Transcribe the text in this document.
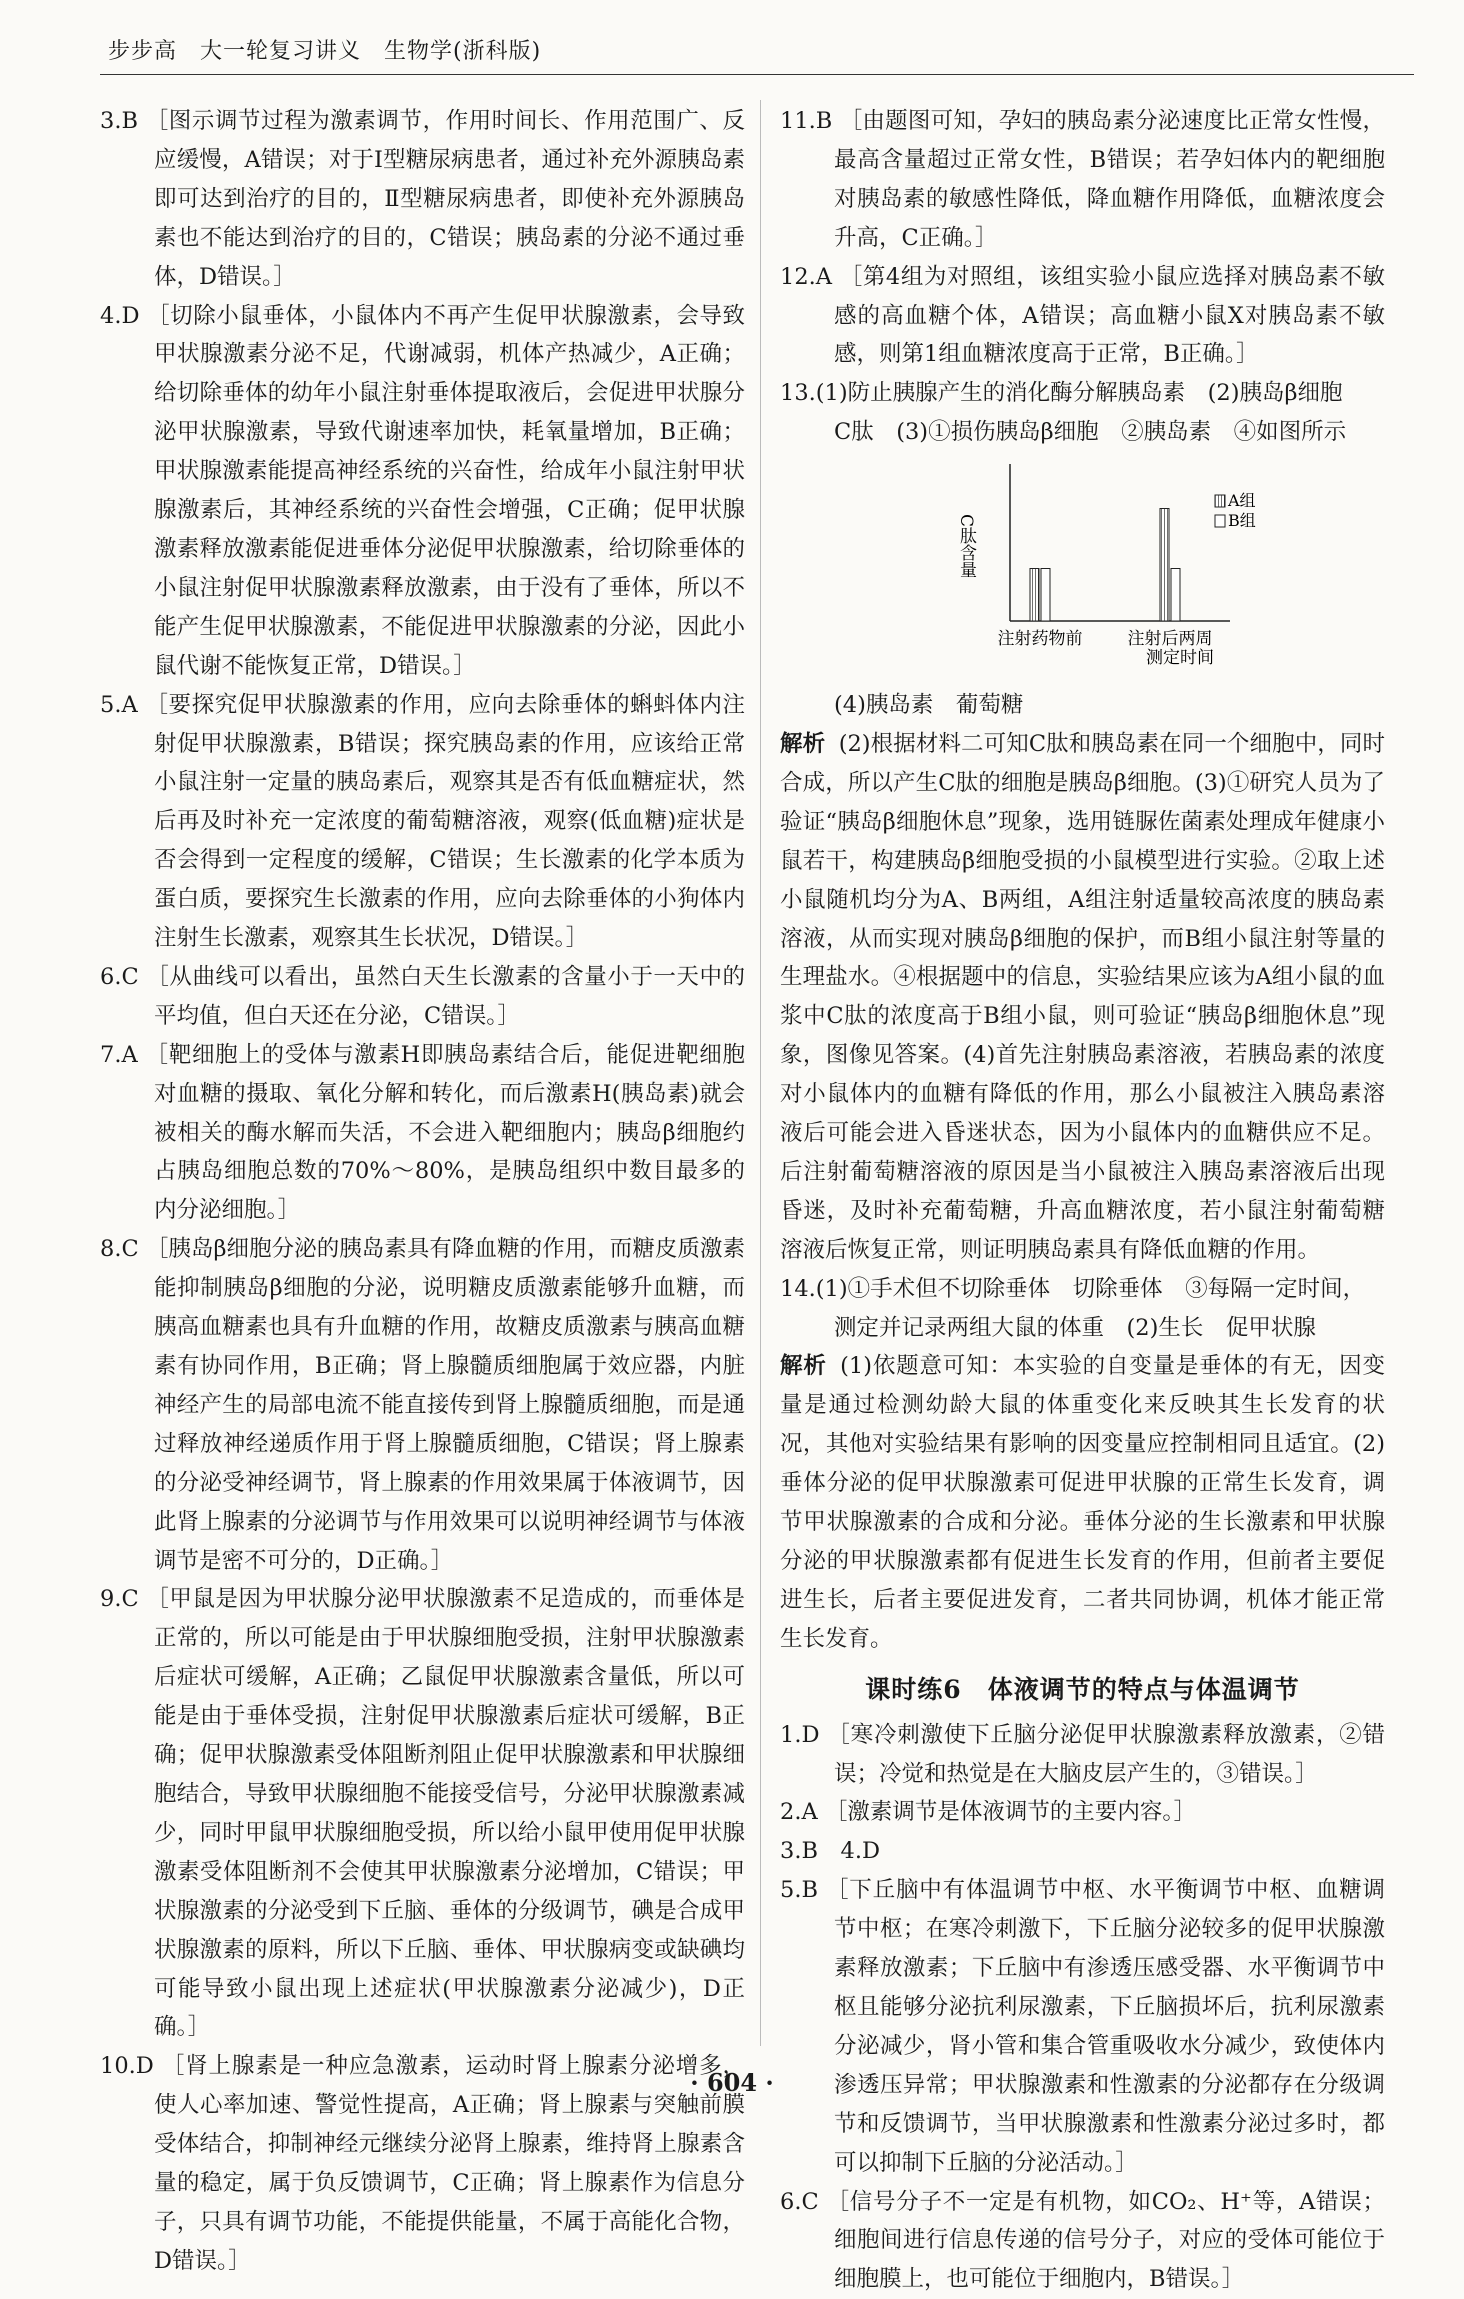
步步高　大一轮复习讲义　生物学(浙科版)

3.B ［图示调节过程为激素调节，作用时间长、作用范围广、反应缓慢，A错误；对于Ⅰ型糖尿病患者，通过补充外源胰岛素即可达到治疗的目的，Ⅱ型糖尿病患者，即使补充外源胰岛素也不能达到治疗的目的，C错误；胰岛素的分泌不通过垂体，D错误。］

4.D ［切除小鼠垂体，小鼠体内不再产生促甲状腺激素，会导致甲状腺激素分泌不足，代谢减弱，机体产热减少，A正确；给切除垂体的幼年小鼠注射垂体提取液后，会促进甲状腺分泌甲状腺激素，导致代谢速率加快，耗氧量增加，B正确；甲状腺激素能提高神经系统的兴奋性，给成年小鼠注射甲状腺激素后，其神经系统的兴奋性会增强，C正确；促甲状腺激素释放激素能促进垂体分泌促甲状腺激素，给切除垂体的小鼠注射促甲状腺激素释放激素，由于没有了垂体，所以不能产生促甲状腺激素，不能促进甲状腺激素的分泌，因此小鼠代谢不能恢复正常，D错误。］

5.A ［要探究促甲状腺激素的作用，应向去除垂体的蝌蚪体内注射促甲状腺激素，B错误；探究胰岛素的作用，应该给正常小鼠注射一定量的胰岛素后，观察其是否有低血糖症状，然后再及时补充一定浓度的葡萄糖溶液，观察(低血糖)症状是否会得到一定程度的缓解，C错误；生长激素的化学本质为蛋白质，要探究生长激素的作用，应向去除垂体的小狗体内注射生长激素，观察其生长状况，D错误。］

6.C ［从曲线可以看出，虽然白天生长激素的含量小于一天中的平均值，但白天还在分泌，C错误。］

7.A ［靶细胞上的受体与激素H即胰岛素结合后，能促进靶细胞对血糖的摄取、氧化分解和转化，而后激素H(胰岛素)就会被相关的酶水解而失活，不会进入靶细胞内；胰岛β细胞约占胰岛细胞总数的70%～80%，是胰岛组织中数目最多的内分泌细胞。］

8.C ［胰岛β细胞分泌的胰岛素具有降血糖的作用，而糖皮质激素能抑制胰岛β细胞的分泌，说明糖皮质激素能够升血糖，而胰高血糖素也具有升血糖的作用，故糖皮质激素与胰高血糖素有协同作用，B正确；肾上腺髓质细胞属于效应器，内脏神经产生的局部电流不能直接传到肾上腺髓质细胞，而是通过释放神经递质作用于肾上腺髓质细胞，C错误；肾上腺素的分泌受神经调节，肾上腺素的作用效果属于体液调节，因此肾上腺素的分泌调节与作用效果可以说明神经调节与体液调节是密不可分的，D正确。］

9.C ［甲鼠是因为甲状腺分泌甲状腺激素不足造成的，而垂体是正常的，所以可能是由于甲状腺细胞受损，注射甲状腺激素后症状可缓解，A正确；乙鼠促甲状腺激素含量低，所以可能是由于垂体受损，注射促甲状腺激素后症状可缓解，B正确；促甲状腺激素受体阻断剂阻止促甲状腺激素和甲状腺细胞结合，导致甲状腺细胞不能接受信号，分泌甲状腺激素减少，同时甲鼠甲状腺细胞受损，所以给小鼠甲使用促甲状腺激素受体阻断剂不会使其甲状腺激素分泌增加，C错误；甲状腺激素的分泌受到下丘脑、垂体的分级调节，碘是合成甲状腺激素的原料，所以下丘脑、垂体、甲状腺病变或缺碘均可能导致小鼠出现上述症状(甲状腺激素分泌减少)，D正确。］

10.D ［肾上腺素是一种应急激素，运动时肾上腺素分泌增多，使人心率加速、警觉性提高，A正确；肾上腺素与突触前膜受体结合，抑制神经元继续分泌肾上腺素，维持肾上腺素含量的稳定，属于负反馈调节，C正确；肾上腺素作为信息分子，只具有调节功能，不能提供能量，不属于高能化合物，D错误。］

11.B ［由题图可知，孕妇的胰岛素分泌速度比正常女性慢，最高含量超过正常女性，B错误；若孕妇体内的靶细胞对胰岛素的敏感性降低，降血糖作用降低，血糖浓度会升高，C正确。］

12.A ［第4组为对照组，该组实验小鼠应选择对胰岛素不敏感的高血糖个体，A错误；高血糖小鼠X对胰岛素不敏感，则第1组血糖浓度高于正常，B正确。］

13.(1)防止胰腺产生的消化酶分解胰岛素　(2)胰岛β细胞

C肽　(3)①损伤胰岛β细胞　②胰岛素　④如图所示

C肽含量
注射药物前	注射后两周
A组
B组
测定时间

(4)胰岛素　葡萄糖

解析 (2)根据材料二可知C肽和胰岛素在同一个细胞中，同时合成，所以产生C肽的细胞是胰岛β细胞。(3)①研究人员为了验证“胰岛β细胞休息”现象，选用链脲佐菌素处理成年健康小鼠若干，构建胰岛β细胞受损的小鼠模型进行实验。②取上述小鼠随机均分为A、B两组，A组注射适量较高浓度的胰岛素溶液，从而实现对胰岛β细胞的保护，而B组小鼠注射等量的生理盐水。④根据题中的信息，实验结果应该为A组小鼠的血浆中C肽的浓度高于B组小鼠，则可验证“胰岛β细胞休息”现象，图像见答案。(4)首先注射胰岛素溶液，若胰岛素的浓度对小鼠体内的血糖有降低的作用，那么小鼠被注入胰岛素溶液后可能会进入昏迷状态，因为小鼠体内的血糖供应不足。后注射葡萄糖溶液的原因是当小鼠被注入胰岛素溶液后出现昏迷，及时补充葡萄糖，升高血糖浓度，若小鼠注射葡萄糖溶液后恢复正常，则证明胰岛素具有降低血糖的作用。

14.(1)①手术但不切除垂体　切除垂体　③每隔一定时间，

测定并记录两组大鼠的体重　(2)生长　促甲状腺

解析 (1)依题意可知：本实验的自变量是垂体的有无，因变量是通过检测幼龄大鼠的体重变化来反映其生长发育的状况，其他对实验结果有影响的因变量应控制相同且适宜。(2)垂体分泌的促甲状腺激素可促进甲状腺的正常生长发育，调节甲状腺激素的合成和分泌。垂体分泌的生长激素和甲状腺分泌的甲状腺激素都有促进生长发育的作用，但前者主要促进生长，后者主要促进发育，二者共同协调，机体才能正常生长发育。

课时练6　体液调节的特点与体温调节

1.D ［寒冷刺激使下丘脑分泌促甲状腺激素释放激素，②错误；冷觉和热觉是在大脑皮层产生的，③错误。］

2.A ［激素调节是体液调节的主要内容。］

3.B　4.D

5.B ［下丘脑中有体温调节中枢、水平衡调节中枢、血糖调节中枢；在寒冷刺激下，下丘脑分泌较多的促甲状腺激素释放激素；下丘脑中有渗透压感受器、水平衡调节中枢且能够分泌抗利尿激素，下丘脑损坏后，抗利尿激素分泌减少，肾小管和集合管重吸收水分减少，致使体内渗透压异常；甲状腺激素和性激素的分泌都存在分级调节和反馈调节，当甲状腺激素和性激素分泌过多时，都可以抑制下丘脑的分泌活动。］

6.C ［信号分子不一定是有机物，如CO₂、H⁺等，A错误；细胞间进行信息传递的信号分子，对应的受体可能位于细胞膜上，也可能位于细胞内，B错误。］

· 604 ·
